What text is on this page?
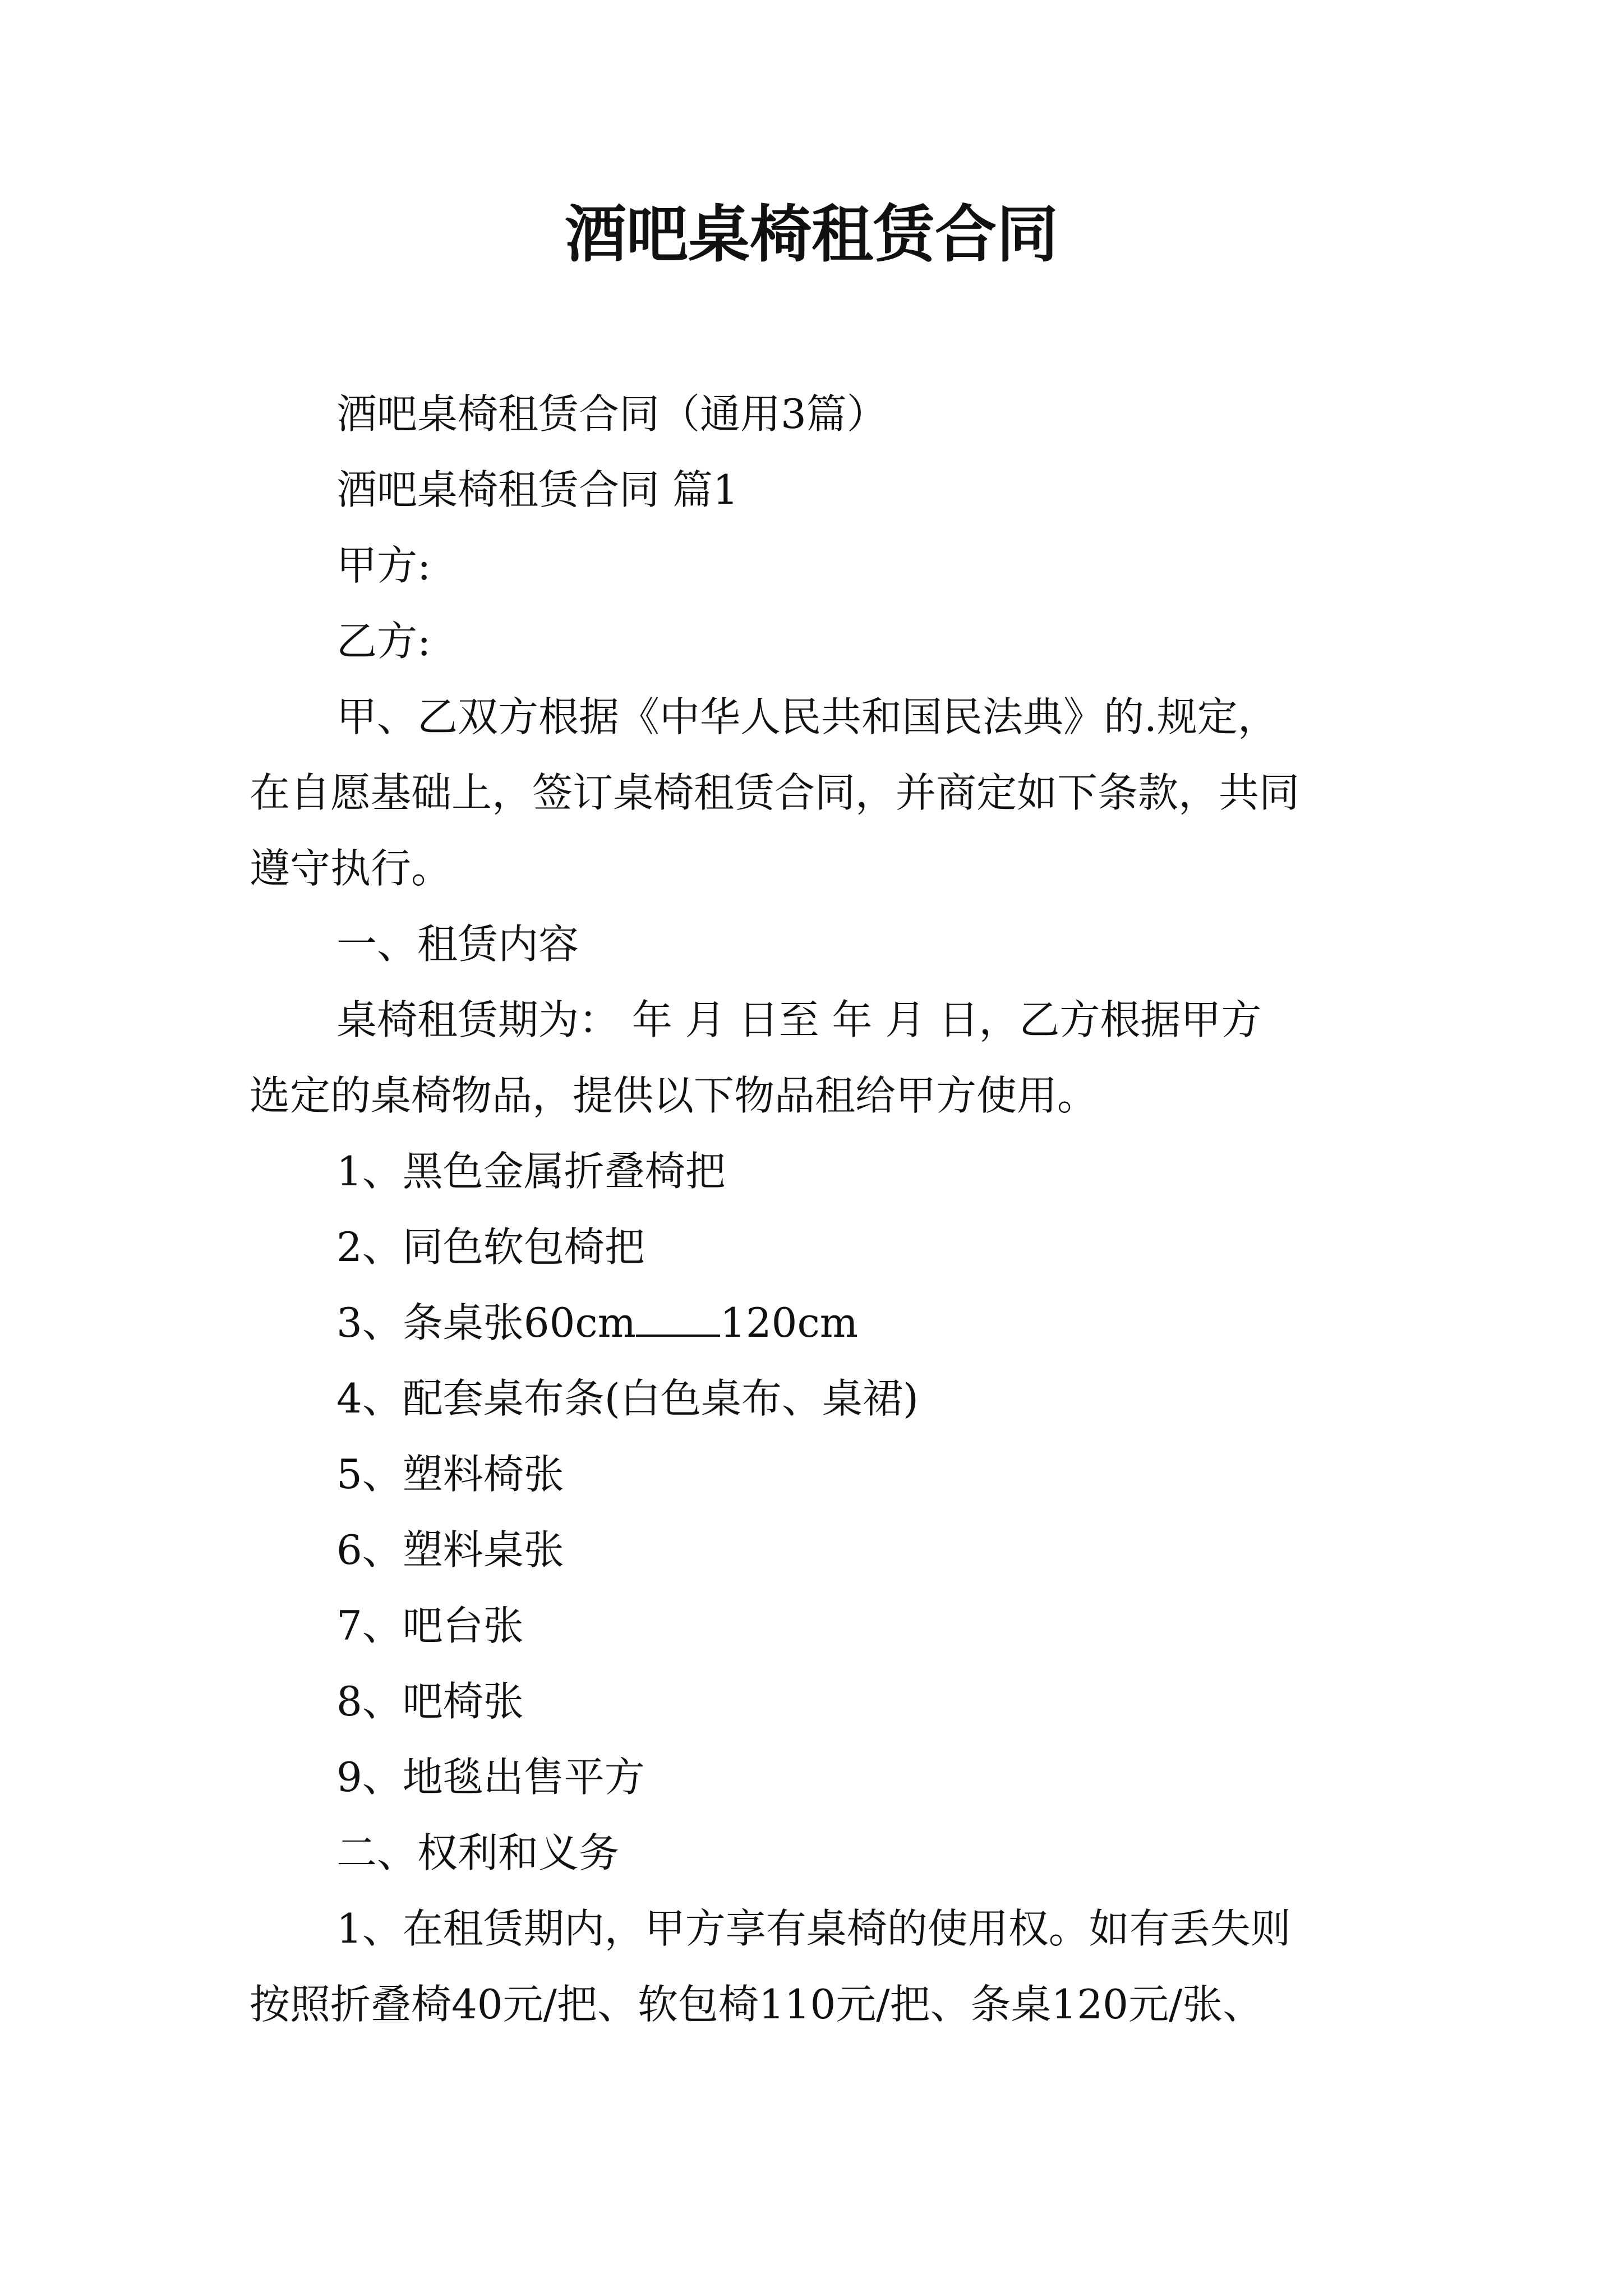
酒吧桌椅租赁合同

酒吧桌椅租赁合同（通用3篇）

酒吧桌椅租赁合同 篇1

甲方:

乙方:

甲、乙双方根据《中华人民共和国民法典》的.规定，

在自愿基础上，签订桌椅租赁合同，并商定如下条款，共同

遵守执行。

一、租赁内容

桌椅租赁期为： 年 月 日至 年 月 日，乙方根据甲方

选定的桌椅物品，提供以下物品租给甲方使用。

1、黑色金属折叠椅把

2、同色软包椅把

3、条桌张60cm 120cm

4、配套桌布条(白色桌布、桌裙)

5、塑料椅张

6、塑料桌张

7、吧台张

8、吧椅张

9、地毯出售平方

二、权利和义务

1、在租赁期内，甲方享有桌椅的使用权。如有丢失则

按照折叠椅40元/把、软包椅110元/把、条桌120元/张、
